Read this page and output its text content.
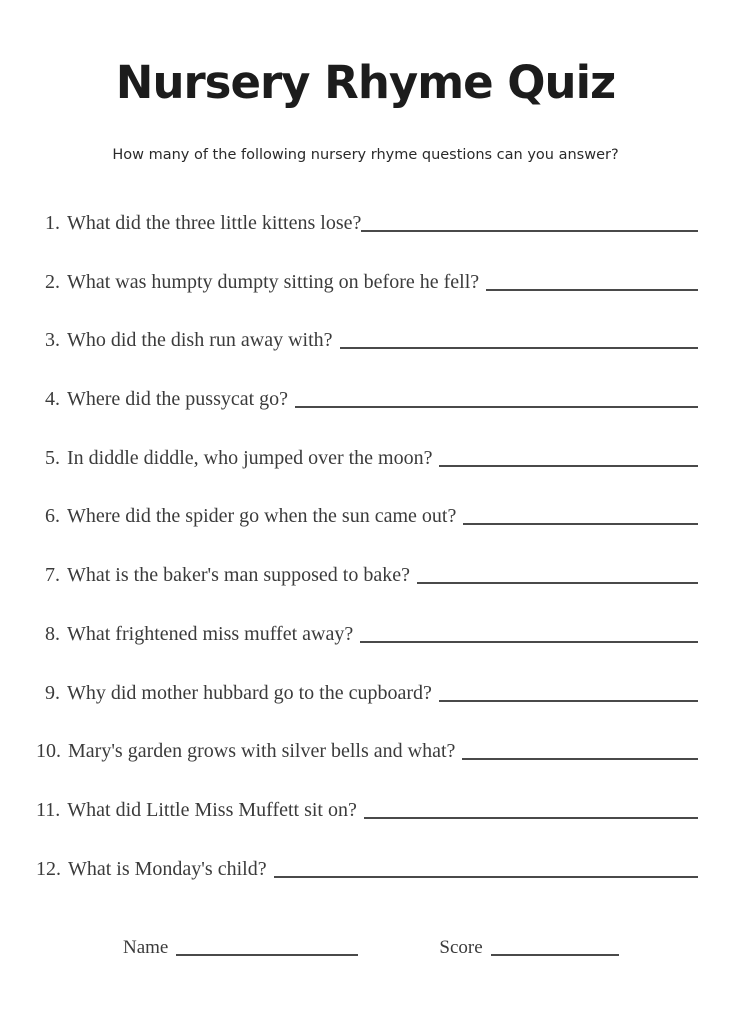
Nursery Rhyme Quiz
How many of the following nursery rhyme questions can you answer?
1. What did the three little kittens lose?
2. What was humpty dumpty sitting on before he fell?
3. Who did the dish run away with?
4. Where did the pussycat go?
5. In diddle diddle, who jumped over the moon?
6. Where did the spider go when the sun came out?
7. What is the baker's man supposed to bake?
8. What frightened miss muffet away?
9. Why did mother hubbard go to the cupboard?
10. Mary's garden grows with silver bells and what?
11. What did Little Miss Muffett sit on?
12. What is Monday's child?
Name	Score
